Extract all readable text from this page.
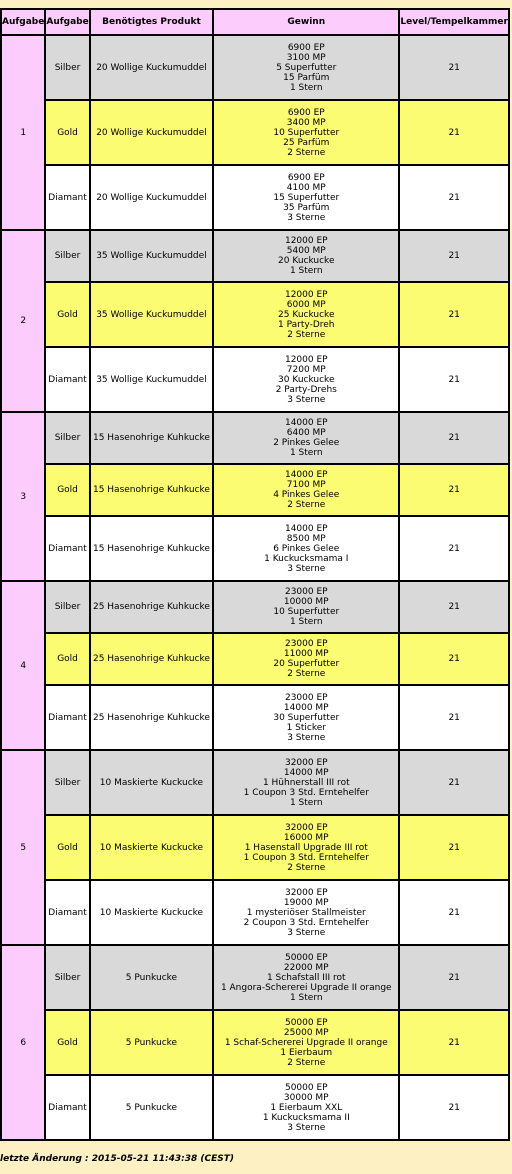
Aufgabe	Aufgabe	Benötigtes Produkt	Gewinn	Level/Tempelkammer
1	Silber	20 Wollige Kuckumuddel	6900 EP
3100 MP
5 Superfutter
15 Parfüm
1 Stern	21
	Gold	20 Wollige Kuckumuddel	6900 EP
3400 MP
10 Superfutter
25 Parfüm
2 Sterne	21
	Diamant	20 Wollige Kuckumuddel	6900 EP
4100 MP
15 Superfutter
35 Parfüm
3 Sterne	21
2	Silber	35 Wollige Kuckumuddel	12000 EP
5400 MP
20 Kuckucke
1 Stern	21
	Gold	35 Wollige Kuckumuddel	12000 EP
6000 MP
25 Kuckucke
1 Party-Dreh
2 Sterne	21
	Diamant	35 Wollige Kuckumuddel	12000 EP
7200 MP
30 Kuckucke
2 Party-Drehs
3 Sterne	21
3	Silber	15 Hasenohrige Kuhkucke	14000 EP
6400 MP
2 Pinkes Gelee
1 Stern	21
	Gold	15 Hasenohrige Kuhkucke	14000 EP
7100 MP
4 Pinkes Gelee
2 Sterne	21
	Diamant	15 Hasenohrige Kuhkucke	14000 EP
8500 MP
6 Pinkes Gelee
1 Kuckucksmama I
3 Sterne	21
4	Silber	25 Hasenohrige Kuhkucke	23000 EP
10000 MP
10 Superfutter
1 Stern	21
	Gold	25 Hasenohrige Kuhkucke	23000 EP
11000 MP
20 Superfutter
2 Sterne	21
	Diamant	25 Hasenohrige Kuhkucke	23000 EP
14000 MP
30 Superfutter
1 Sticker
3 Sterne	21
5	Silber	10 Maskierte Kuckucke	32000 EP
14000 MP
1 Hühnerstall III rot
1 Coupon 3 Std. Erntehelfer
1 Stern	21
	Gold	10 Maskierte Kuckucke	32000 EP
16000 MP
1 Hasenstall Upgrade III rot
1 Coupon 3 Std. Erntehelfer
2 Sterne	21
	Diamant	10 Maskierte Kuckucke	32000 EP
19000 MP
1 mysteriöser Stallmeister
2 Coupon 3 Std. Erntehelfer
3 Sterne	21
6	Silber	5 Punkucke	50000 EP
22000 MP
1 Schafstall III rot
1 Angora-Schererei Upgrade II orange
1 Stern	21
	Gold	5 Punkucke	50000 EP
25000 MP
1 Schaf-Schererei Upgrade II orange
1 Eierbaum
2 Sterne	21
	Diamant	5 Punkucke	50000 EP
30000 MP
1 Eierbaum XXL
1 Kuckucksmama II
3 Sterne	21
letzte Änderung : 2015-05-21 11:43:38 (CEST)
